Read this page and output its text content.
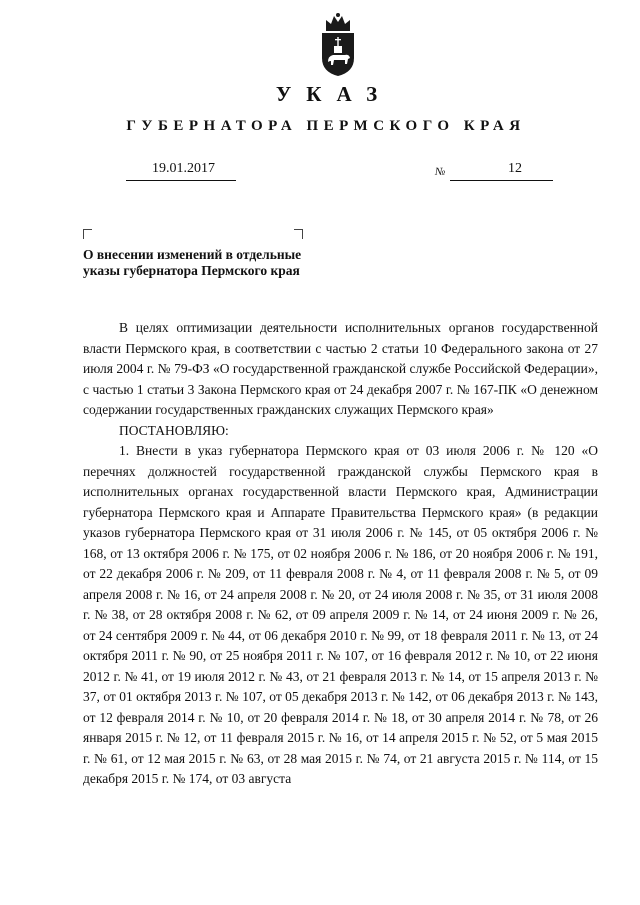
УКАЗ
ГУБЕРНАТОРА ПЕРМСКОГО КРАЯ
19.01.2017	№	12
О внесении изменений в отдельные
указы губернатора Пермского края

В целях оптимизации деятельности исполнительных органов государственной власти Пермского края, в соответствии с частью 2 статьи 10 Федерального закона от 27 июля 2004 г. № 79-ФЗ «О государственной гражданской службе Российской Федерации», с частью 1 статьи 3 Закона Пермского края от 24 декабря 2007 г. № 167-ПК «О денежном содержании государственных гражданских служащих Пермского края»

ПОСТАНОВЛЯЮ:

1. Внести в указ губернатора Пермского края от 03 июля 2006 г. № 120 «О перечнях должностей государственной гражданской службы Пермского края в исполнительных органах государственной власти Пермского края, Администрации губернатора Пермского края и Аппарате Правительства Пермского края» (в редакции указов губернатора Пермского края от 31 июля 2006 г. № 145, от 05 октября 2006 г. № 168, от 13 октября 2006 г. № 175, от 02 ноября 2006 г. № 186, от 20 ноября 2006 г. № 191, от 22 декабря 2006 г. № 209, от 11 февраля 2008 г. № 4, от 11 февраля 2008 г. № 5, от 09 апреля 2008 г. № 16, от 24 апреля 2008 г. № 20, от 24 июля 2008 г. № 35, от 31 июля 2008 г. № 38, от 28 октября 2008 г. № 62, от 09 апреля 2009 г. № 14, от 24 июня 2009 г. № 26, от 24 сентября 2009 г. № 44, от 06 декабря 2010 г. № 99, от 18 февраля 2011 г. № 13, от 24 октября 2011 г. № 90, от 25 ноября 2011 г. № 107, от 16 февраля 2012 г. № 10, от 22 июня 2012 г. № 41, от 19 июля 2012 г. № 43, от 21 февраля 2013 г. № 14, от 15 апреля 2013 г. № 37, от 01 октября 2013 г. № 107, от 05 декабря 2013 г. № 142, от 06 декабря 2013 г. № 143, от 12 февраля 2014 г. № 10, от 20 февраля 2014 г. № 18, от 30 апреля 2014 г. № 78, от 26 января 2015 г. № 12, от 11 февраля 2015 г. № 16, от 14 апреля 2015 г. № 52, от 5 мая 2015 г. № 61, от 12 мая 2015 г. № 63, от 28 мая 2015 г. № 74, от 21 августа 2015 г. № 114, от 15 декабря 2015 г. № 174, от 03 августа
